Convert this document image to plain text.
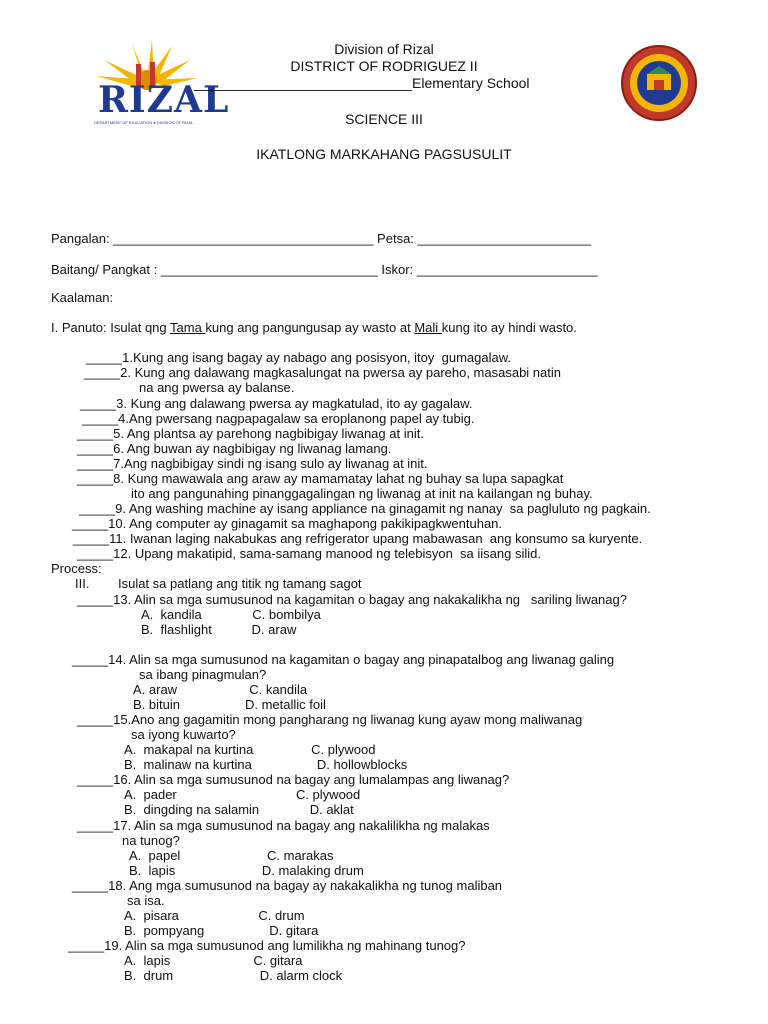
RIZAL
DEPARTMENT OF EDUCATION ● DIVISION OF RIZAL
Division of Rizal
DISTRICT OF RODRIGUEZ II
____________________________Elementary School
SCIENCE III
IKATLONG MARKAHANG PAGSUSULIT
Pangalan: ____________________________________ Petsa: ________________________
Baitang/ Pangkat : ______________________________ Iskor: _________________________
Kaalaman:
I. Panuto: Isulat qng Tama kung ang pangungusap ay wasto at Mali kung ito ay hindi wasto.
_____1.Kung ang isang bagay ay nabago ang posisyon, itoy  gumagalaw.
_____2. Kung ang dalawang magkasalungat na pwersa ay pareho, masasabi natin
na ang pwersa ay balanse.
_____3. Kung ang dalawang pwersa ay magkatulad, ito ay gagalaw.
_____4.Ang pwersang nagpapagalaw sa eroplanong papel ay tubig.
_____5. Ang plantsa ay parehong nagbibigay liwanag at init.
_____6. Ang buwan ay nagbibigay ng liwanag lamang.
_____7.Ang nagbibigay sindi ng isang sulo ay liwanag at init.
_____8. Kung mawawala ang araw ay mamamatay lahat ng buhay sa lupa sapagkat
ito ang pangunahing pinanggagalingan ng liwanag at init na kailangan ng buhay.
_____9. Ang washing machine ay isang appliance na ginagamit ng nanay  sa pagluluto ng pagkain.
_____10. Ang computer ay ginagamit sa maghapong pakikipagkwentuhan.
_____11. Iwanan laging nakabukas ang refrigerator upang mabawasan  ang konsumo sa kuryente.
_____12. Upang makatipid, sama-samang manood ng telebisyon  sa iisang silid.
Process:
III. Isulat sa patlang ang titik ng tamang sagot
_____13. Alin sa mga sumusunod na kagamitan o bagay ang nakakalikha ng   sariling liwanag?
A.  kandila              C. bombilya
B.  flashlight           D. araw
_____14. Alin sa mga sumusunod na kagamitan o bagay ang pinapatalbog ang liwanag galing
sa ibang pinagmulan?
A. araw                    C. kandila
B. bituin                  D. metallic foil
_____15.Ano ang gagamitin mong pangharang ng liwanag kung ayaw mong maliwanag
sa iyong kuwarto?
A.  makapal na kurtina                C. plywood
B.  malinaw na kurtina                  D. hollowblocks
_____16. Alin sa mga sumusunod na bagay ang lumalampas ang liwanag?
A.  pader                                 C. plywood
B.  dingding na salamin              D. aklat
_____17. Alin sa mga sumusunod na bagay ang nakalilikha ng malakas
na tunog?
A.  papel                        C. marakas
B.  lapis                        D. malaking drum
_____18. Ang mga sumusunod na bagay ay nakakalikha ng tunog maliban
sa isa.
A.  pisara                      C. drum
B.  pompyang                  D. gitara
_____19. Alin sa mga sumusunod ang lumilikha ng mahinang tunog?
A.  lapis                       C. gitara
B.  drum                        D. alarm clock
